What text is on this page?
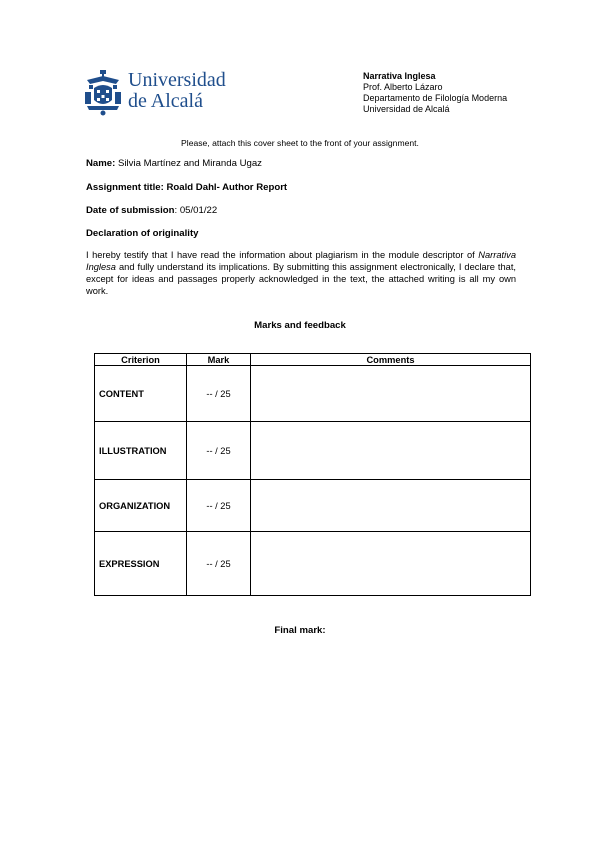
Universidad
de Alcalá
Narrativa Inglesa
Prof. Alberto Lázaro
Departamento de Filología Moderna
Universidad de Alcalá
Please, attach this cover sheet to the front of your assignment.
Name: Silvia Martínez and Miranda Ugaz
Assignment title: Roald Dahl- Author Report
Date of submission: 05/01/22
Declaration of originality
I hereby testify that I have read the information about plagiarism in the module descriptor of Narrativa Inglesa and fully understand its implications. By submitting this assignment electronically, I declare that, except for ideas and passages properly acknowledged in the text, the attached writing is all my own work.
Marks and feedback
Criterion	Mark	Comments
CONTENT	-- / 25	
ILLUSTRATION	-- / 25	
ORGANIZATION	-- / 25	
EXPRESSION	-- / 25	
Final mark:
